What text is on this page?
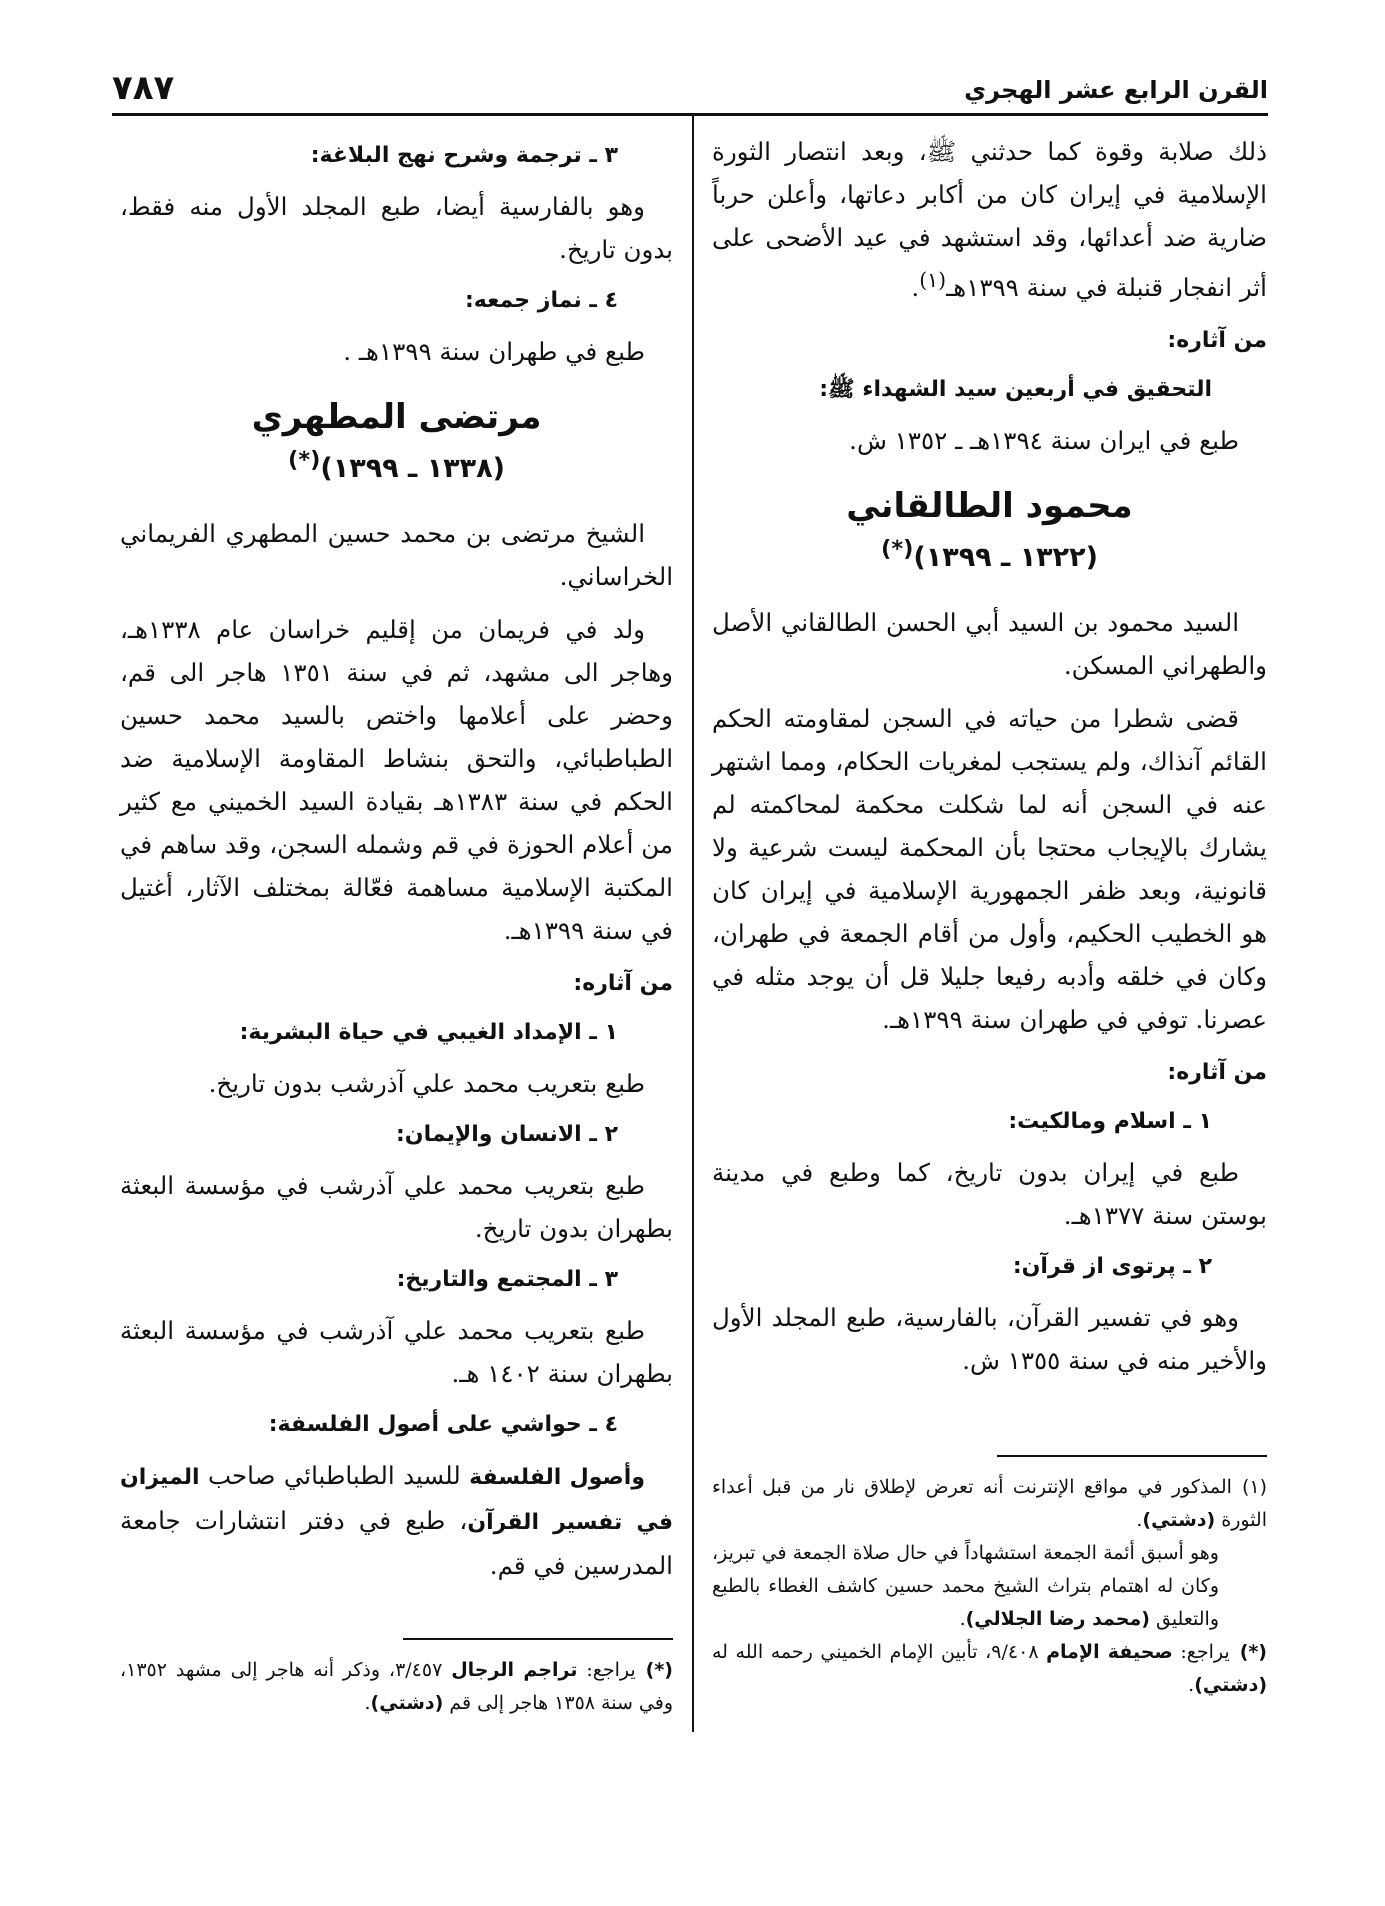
القرن الرابع عشر الهجري
٧٨٧

ذلك صلابة وقوة كما حدثني ﷺ، وبعد انتصار الثورة الإسلامية في إيران كان من أكابر دعاتها، وأعلن حرباً ضارية ضد أعدائها، وقد استشهد في عيد الأضحى على أثر انفجار قنبلة في سنة ١٣٩٩هـ$^{(١)}$.

من آثاره:
التحقيق في أربعين سيد الشهداء ﷺ:

طبع في ايران سنة ١٣٩٤هـ ـ ١٣٥٢ ش.

محمود الطالقاني
(١٣٢٢ ـ ١٣٩٩)(*)

السيد محمود بن السيد أبي الحسن الطالقاني الأصل والطهراني المسكن.

قضى شطرا من حياته في السجن لمقاومته الحكم القائم آنذاك، ولم يستجب لمغريات الحكام، ومما اشتهر عنه في السجن أنه لما شكلت محكمة لمحاكمته لم يشارك بالإيجاب محتجا بأن المحكمة ليست شرعية ولا قانونية، وبعد ظفر الجمهورية الإسلامية في إيران كان هو الخطيب الحكيم، وأول من أقام الجمعة في طهران، وكان في خلقه وأدبه رفيعا جليلا قل أن يوجد مثله في عصرنا. توفي في طهران سنة ١٣٩٩هـ.

من آثاره:
١ ـ اسلام ومالكيت:

طبع في إيران بدون تاريخ، كما وطبع في مدينة بوستن سنة ١٣٧٧هـ.

٢ ـ پرتوى از قرآن:

وهو في تفسير القرآن، بالفارسية، طبع المجلد الأول والأخير منه في سنة ١٣٥٥ ش.

٣ ـ ترجمة وشرح نهج البلاغة:

وهو بالفارسية أيضا، طبع المجلد الأول منه فقط، بدون تاريخ.

٤ ـ نماز جمعه:

طبع في طهران سنة ١٣٩٩هـ .

مرتضى المطهري
(١٣٣٨ ـ ١٣٩٩)(*)

الشيخ مرتضى بن محمد حسين المطهري الفريماني الخراساني.

ولد في فريمان من إقليم خراسان عام ١٣٣٨هـ، وهاجر الى مشهد، ثم في سنة ١٣٥١ هاجر الى قم، وحضر على أعلامها واختص بالسيد محمد حسين الطباطبائي، والتحق بنشاط المقاومة الإسلامية ضد الحكم في سنة ١٣٨٣هـ بقيادة السيد الخميني مع كثير من أعلام الحوزة في قم وشمله السجن، وقد ساهم في المكتبة الإسلامية مساهمة فعّالة بمختلف الآثار، أغتيل في سنة ١٣٩٩هـ.

من آثاره:
١ ـ الإمداد الغيبي في حياة البشرية:

طبع بتعريب محمد علي آذرشب بدون تاريخ.

٢ ـ الانسان والإيمان:

طبع بتعريب محمد علي آذرشب في مؤسسة البعثة بطهران بدون تاريخ.

٣ ـ المجتمع والتاريخ:

طبع بتعريب محمد علي آذرشب في مؤسسة البعثة بطهران سنة ١٤٠٢ هـ.

٤ ـ حواشي على أصول الفلسفة:

وأصول الفلسفة للسيد الطباطبائي صاحب الميزان في تفسير القرآن، طبع في دفتر انتشارات جامعة المدرسين في قم.

(١)المذكور في مواقع الإنترنت أنه تعرض لإطلاق نار من قبل أعداء الثورة (دشتي).

وهو أسبق أئمة الجمعة استشهاداً في حال صلاة الجمعة في تبريز، وكان له اهتمام بتراث الشيخ محمد حسين كاشف الغطاء بالطبع والتعليق (محمد رضا الجلالي).

(*)يراجع: صحيفة الإمام ٩/٤٠٨، تأبين الإمام الخميني رحمه الله له (دشتي).

(*)يراجع: تراجم الرجال ٣/٤٥٧، وذكر أنه هاجر إلى مشهد ١٣٥٢، وفي سنة ١٣٥٨ هاجر إلى قم (دشتي).
